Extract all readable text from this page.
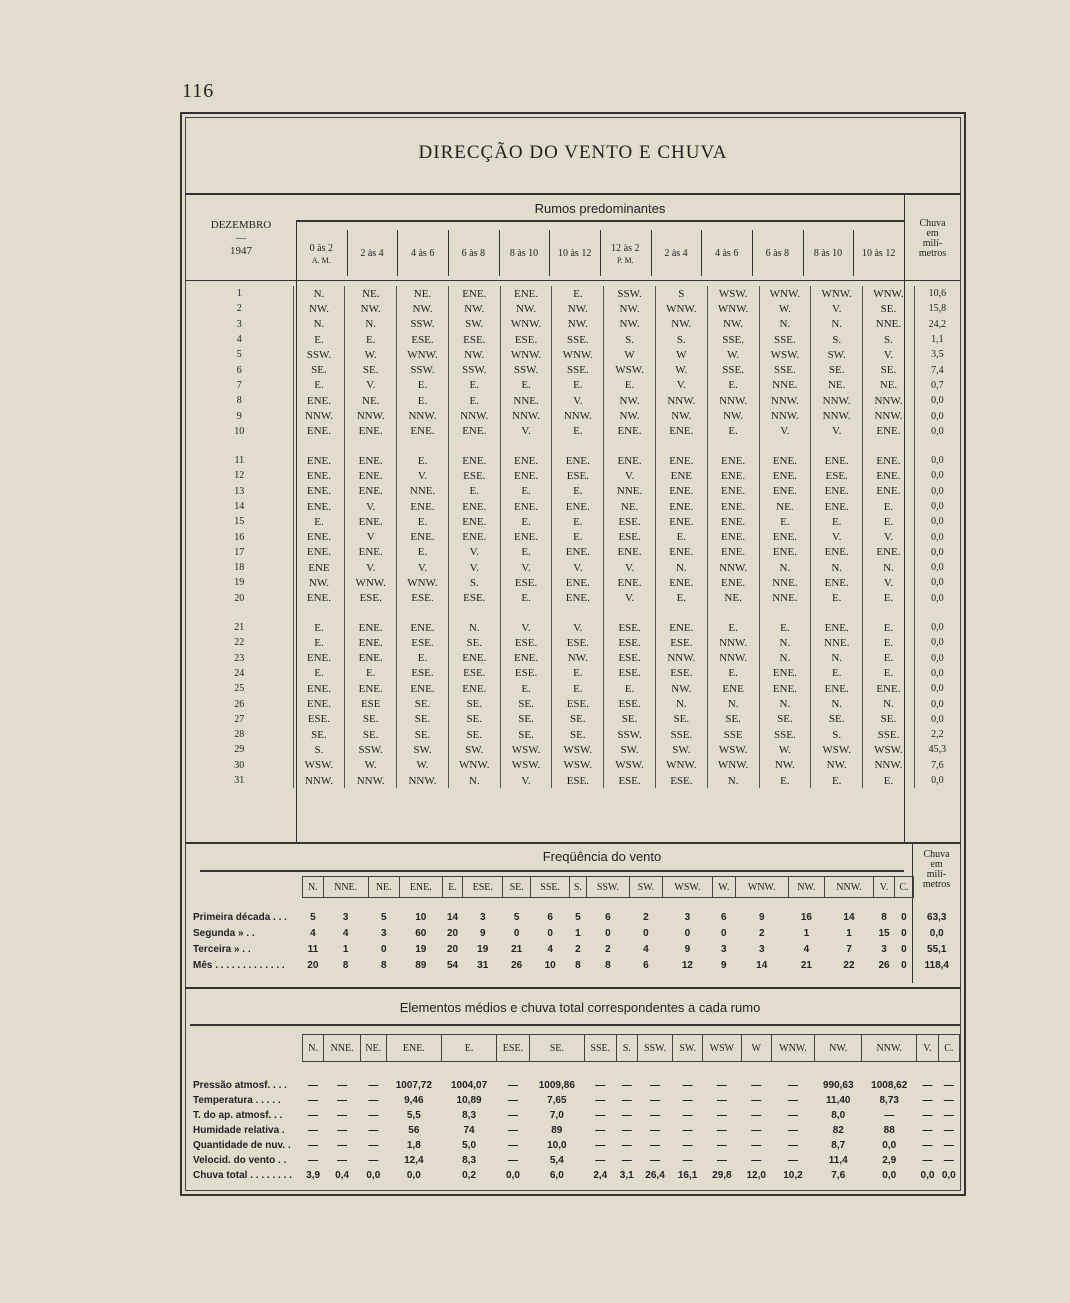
116
DIRECÇÃO DO VENTO E CHUVA
DEZEMBRO
—
1947
Rumos predominantes
Chuva
em
milí-
metros
0 às 2
A. M.
2 às 4	4 às 6	6 às 8	8 às 10	10 às 12	12 às 2
P. M.
2 às 4	4 às 6	6 às 8	8 às 10	10 às 12
1	N.	NE.	NE.	ENE.	ENE.	E.	SSW.	S	WSW.	WNW.	WNW.	WNW.	10,6
2	NW.	NW.	NW.	NW.	NW.	NW.	NW.	WNW.	WNW.	W.	V.	SE.	15,8
3	N.	N.	SSW.	SW.	WNW.	NW.	NW.	NW.	NW.	N.	N.	NNE.	24,2
4	E.	E.	ESE.	ESE.	ESE.	SSE.	S.	S.	SSE.	SSE.	S.	S.	1,1
5	SSW.	W.	WNW.	NW.	WNW.	WNW.	W	W	W.	WSW.	SW.	V.	3,5
6	SE.	SE.	SSW.	SSW.	SSW.	SSE.	WSW.	W.	SSE.	SSE.	SE.	SE.	7,4
7	E.	V.	E.	E.	E.	E.	E.	V.	E.	NNE.	NE.	NE.	0,7
8	ENE.	NE.	E.	E.	NNE.	V.	NW.	NNW.	NNW.	NNW.	NNW.	NNW.	0,0
9	NNW.	NNW.	NNW.	NNW.	NNW.	NNW.	NW.	NW.	NW.	NNW.	NNW.	NNW.	0,0
10	ENE.	ENE.	ENE.	ENE.	V.	E.	ENE.	ENE.	E.	V.	V.	ENE.	0,0

11	ENE.	ENE.	E.	ENE.	ENE.	ENE.	ENE.	ENE.	ENE.	ENE.	ENE.	ENE.	0,0
12	ENE.	ENE.	V.	ESE.	ENE.	ESE.	V.	ENE	ENE.	ENE.	ESE.	ENE.	0,0
13	ENE.	ENE.	NNE.	E.	E.	E.	NNE.	ENE.	ENE.	ENE.	ENE.	ENE.	0,0
14	ENE.	V.	ENE.	ENE.	ENE.	ENE.	NE.	ENE.	ENE.	NE.	ENE.	E.	0,0
15	E.	ENE.	E.	ENE.	E.	E.	ESE.	ENE.	ENE.	E.	E.	E.	0,0
16	ENE.	V	ENE.	ENE.	ENE.	E.	ESE.	E.	ENE.	ENE.	V.	V.	0,0
17	ENE.	ENE.	E.	V.	E.	ENE.	ENE.	ENE.	ENE.	ENE.	ENE.	ENE.	0,0
18	ENE	V.	V.	V.	V.	V.	V.	N.	NNW.	N.	N.	N.	0,0
19	NW.	WNW.	WNW.	S.	ESE.	ENE.	ENE.	ENE.	ENE.	NNE.	ENE.	V.	0,0
20	ENE.	ESE.	ESE.	ESE.	E.	ENE.	V.	E.	NE.	NNE.	E.	E.	0,0

21	E.	ENE.	ENE.	N.	V.	V.	ESE.	ENE.	E.	E.	ENE.	E.	0,0
22	E.	ENE.	ESE.	SE.	ESE.	ESE.	ESE.	ESE.	NNW.	N.	NNE.	E.	0,0
23	ENE.	ENE.	E.	ENE.	ENE.	NW.	ESE.	NNW.	NNW.	N.	N.	E.	0,0
24	E.	E.	ESE.	ESE.	ESE.	E.	ESE.	ESE.	E.	ENE.	E.	E.	0,0
25	ENE.	ENE.	ENE.	ENE.	E.	E.	E.	NW.	ENE	ENE.	ENE.	ENE.	0,0
26	ENE.	ESE	SE.	SE.	SE.	ESE.	ESE.	N.	N.	N.	N.	N.	0,0
27	ESE.	SE.	SE.	SE.	SE.	SE.	SE.	SE.	SE.	SE.	SE.	SE.	0,0
28	SE.	SE.	SE.	SE.	SE.	SE.	SSW.	SSE.	SSE	SSE.	S.	SSE.	2,2
29	S.	SSW.	SW.	SW.	WSW.	WSW.	SW.	SW.	WSW.	W.	WSW.	WSW.	45,3
30	WSW.	W.	W.	WNW.	WSW.	WSW.	WSW.	WNW.	WNW.	NW.	NW.	NNW.	7,6
31	NNW.	NNW.	NNW.	N.	V.	ESE.	ESE.	ESE.	N.	E.	E.	E.	0,0
Freqüência do vento	Chuva
em
milí-
metros
	N.	NNE.	NE.	ENE.	E.	ESE.	SE.	SSE.	S.	SSW.	SW.	WSW.	W.	WNW.	NW.	NNW.	V.	C.	

Primeira década . . .	5	3	5	10	14	3	5	6	5	6	2	3	6	9	16	14	8	0	63,3
Segunda » . .	4	4	3	60	20	9	0	0	1	0	0	0	0	2	1	1	15	0	0,0
Terceira » . .	11	1	0	19	20	19	21	4	2	2	4	9	3	3	4	7	3	0	55,1
Mês . . . . . . . . . . . . .	20	8	8	89	54	31	26	10	8	8	6	12	9	14	21	22	26	0	118,4
Elementos médios e chuva total correspondentes a cada rumo
	N.	NNE.	NE.	ENE.	E.	ESE.	SE.	SSE.	S.	SSW.	SW.	WSW	W	WNW.	NW.	NNW.	V.	C.

Pressão atmosf. . . .	—	—	—	1007,72	1004,07	—	1009,86	—	—	—	—	—	—	—	990,63	1008,62	—	—
Temperatura . . . . .	—	—	—	9,46	10,89	—	7,65	—	—	—	—	—	—	—	11,40	8,73	—	—
T. do ap. atmosf. . .	—	—	—	5,5	8,3	—	7,0	—	—	—	—	—	—	—	8,0	—	—	—
Humidade relativa .	—	—	—	56	74	—	89	—	—	—	—	—	—	—	82	88	—	—
Quantidade de nuv. .	—	—	—	1,8	5,0	—	10,0	—	—	—	—	—	—	—	8,7	0,0	—	—
Velocid. do vento . .	—	—	—	12,4	8,3	—	5,4	—	—	—	—	—	—	—	11,4	2,9	—	—
Chuva total . . . . . . . .	3,9	0,4	0,0	0,0	0,2	0,0	6,0	2,4	3,1	26,4	16,1	29,8	12,0	10,2	7,6	0,0	0,0	0,0
